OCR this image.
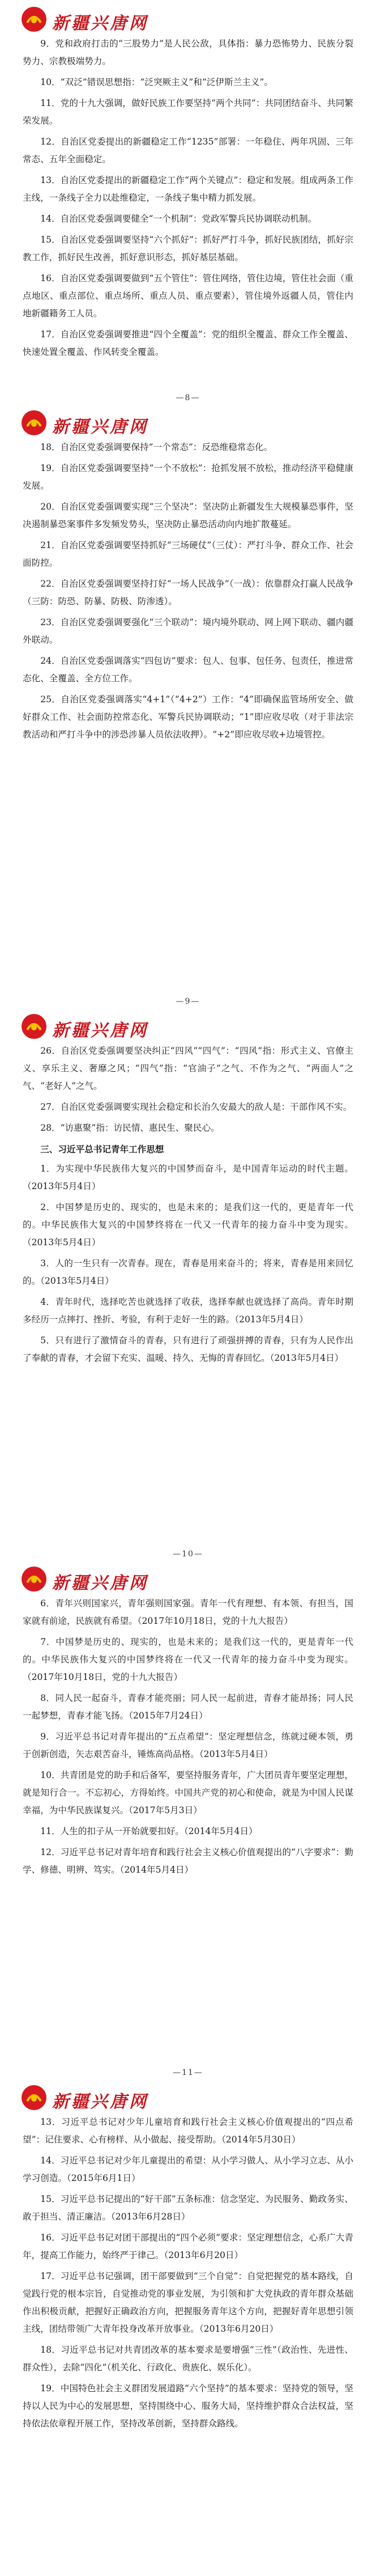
新疆兴唐网

9．党和政府打击的“三股势力”是人民公敌，具体指：暴力恐怖势力、民族分裂势力、宗教极端势力。

10．“双泛”错误思想指：“泛突厥主义”和“泛伊斯兰主义”。

11．党的十九大强调，做好民族工作要坚持“两个共同”：共同团结奋斗、共同繁荣发展。

12．自治区党委提出的新疆稳定工作“1235”部署：一年稳住、两年巩固、三年常态、五年全面稳定。

13．自治区党委提出的新疆稳定工作“两个关键点”：稳定和发展。组成两条工作主线，一条线子全力以赴维稳定，一条线子集中精力抓发展。

14．自治区党委强调要健全“一个机制”：党政军警兵民协调联动机制。

15．自治区党委强调要坚持“六个抓好”：抓好严打斗争，抓好民族团结，抓好宗教工作，抓好民生改善，抓好意识形态，抓好基层基础。

16．自治区党委强调要做到“五个管住”：管住网络，管住边境，管住社会面（重点地区、重点部位、重点场所、重点人员、重点要素），管住境外返疆人员，管住内地新疆籍务工人员。

17．自治区党委强调要推进“四个全覆盖”：党的组织全覆盖、群众工作全覆盖、快速处置全覆盖、作风转变全覆盖。

—8—
新疆兴唐网

18．自治区党委强调要保持“一个常态”：反恐维稳常态化。

19．自治区党委强调要坚持“一个不放松”：抢抓发展不放松，推动经济平稳健康发展。

20．自治区党委强调要实现“三个坚决”：坚决防止新疆发生大规模暴恐事件，坚决遏制暴恐案事件多发频发势头，坚决防止暴恐活动向内地扩散蔓延。

21．自治区党委强调要坚持抓好“三场硬仗”（三仗）：严打斗争、群众工作、社会面防控。

22．自治区党委强调要坚持打好“一场人民战争”（一战）：依靠群众打赢人民战争（三防：防恐、防暴、防极、防渗透）。

23．自治区党委强调要强化“三个联动”：境内境外联动、网上网下联动、疆内疆外联动。

24．自治区党委强调落实“四包访”要求：包人、包事、包任务、包责任，推进常态化、全覆盖、全方位工作。

25．自治区党委强调落实“4+1”（“4+2”）工作：“4”即确保监管场所安全、做好群众工作、社会面防控常态化、军警兵民协调联动；“1”即应收尽收（对于非法宗教活动和严打斗争中的涉恐涉暴人员依法收押）。“+2”即应收尽收+边境管控。

—9—
新疆兴唐网

26．自治区党委强调要坚决纠正“四风”“四气”：“四风”指：形式主义、官僚主义、享乐主义、奢靡之风；“四气”指：“官油子”之气、不作为之气、“两面人”之气、“老好人”之气。

27．自治区党委强调要实现社会稳定和长治久安最大的敌人是：干部作风不实。

28．“访惠聚”指：访民情、惠民生、聚民心。

三、习近平总书记青年工作思想

1．为实现中华民族伟大复兴的中国梦而奋斗，是中国青年运动的时代主题。（2013年5月4日）

2．中国梦是历史的、现实的，也是未来的；是我们这一代的，更是青年一代的。中华民族伟大复兴的中国梦终将在一代又一代青年的接力奋斗中变为现实。（2013年5月4日）

3．人的一生只有一次青春。现在，青春是用来奋斗的；将来，青春是用来回忆的。（2013年5月4日）

4．青年时代，选择吃苦也就选择了收获，选择奉献也就选择了高尚。青年时期多经历一点摔打、挫折、考验，有利于走好一生的路。（2013年5月4日）

5．只有进行了激情奋斗的青春，只有进行了顽强拼搏的青春，只有为人民作出了奉献的青春，才会留下充实、温暖、持久、无悔的青春回忆。（2013年5月4日）

—10—
新疆兴唐网

6．青年兴则国家兴，青年强则国家强。青年一代有理想、有本领、有担当，国家就有前途，民族就有希望。（2017年10月18日，党的十九大报告）

7．中国梦是历史的、现实的，也是未来的；是我们这一代的，更是青年一代的。中华民族伟大复兴的中国梦终将在一代又一代青年的接力奋斗中变为现实。（2017年10月18日，党的十九大报告）

8．同人民一起奋斗，青春才能亮丽；同人民一起前进，青春才能昂扬；同人民一起梦想，青春才能飞扬。（2015年7月24日）

9．习近平总书记对青年提出的“五点希望”：坚定理想信念，练就过硬本领，勇于创新创造，矢志艰苦奋斗，锤炼高尚品格。（2013年5月4日）

10．共青团是党的助手和后备军，要坚持服务青年，广大团员青年要坚定理想，就是知行合一。不忘初心，方得始终。中国共产党的初心和使命，就是为中国人民谋幸福，为中华民族谋复兴。（2017年5月3日）

11．人生的扣子从一开始就要扣好。（2014年5月4日）

12．习近平总书记对青年培育和践行社会主义核心价值观提出的“八字要求”：勤学、修德、明辨、笃实。（2014年5月4日）

—11—
新疆兴唐网

13．习近平总书记对少年儿童培育和践行社会主义核心价值观提出的“四点希望”：记住要求、心有榜样、从小做起、接受帮助。（2014年5月30日）

14．习近平总书记对少年儿童提出的希望：从小学习做人、从小学习立志、从小学习创造。（2015年6月1日）

15．习近平总书记提出的“好干部”五条标准：信念坚定、为民服务、勤政务实、敢于担当、清正廉洁。（2013年6月28日）

16．习近平总书记对团干部提出的“四个必须”要求：坚定理想信念，心系广大青年，提高工作能力，始终严于律己。（2013年6月20日）

17．习近平总书记强调，团干部要做到“三个自觉”：自觉把握党的基本路线，自觉践行党的根本宗旨，自觉推动党的事业发展，为引领和扩大党执政的青年群众基础作出积极贡献，把握好正确政治方向，把握服务青年这个方向，把握好青年思想引领主线，团结带领广大青年投身改革开放事业。（2013年6月20日）

18．习近平总书记对共青团改革的基本要求是要增强“三性”（政治性、先进性、群众性），去除“四化”（机关化、行政化、贵族化、娱乐化）。

19．中国特色社会主义群团发展道路“六个坚持”的基本要求：坚持党的领导，坚持以人民为中心的发展思想，坚持围绕中心、服务大局，坚持维护群众合法权益，坚持依法依章程开展工作，坚持改革创新，坚持群众路线。
